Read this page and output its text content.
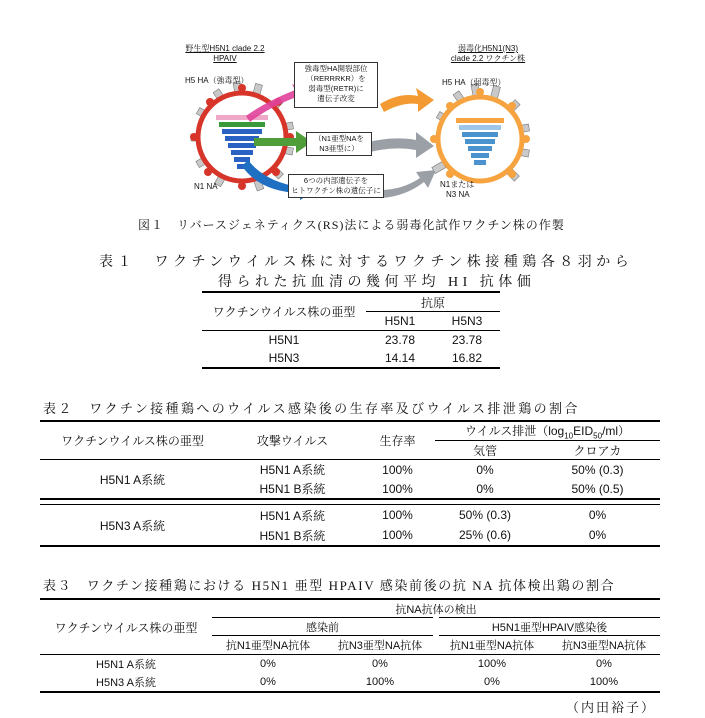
野生型H5N1 clade 2.2
HPAIV
H5 HA（強毒型）
N1 NA
弱毒化H5N1(N3)
clade 2.2 ワクチン株
H5 HA（弱毒型）
N1または
N3 NA
強毒型HA開裂部位
（RERRRKR）を
弱毒型(RETR)に
遺伝子改変
（N1亜型NAを
N3亜型に）
6つの内部遺伝子を
ヒトワクチン株の遺伝子に
図１　リバースジェネティクス(RS)法による弱毒化試作ワクチン株の作製
表１　ワクチンウイルス株に対するワクチン株接種鶏各８羽から
得られた抗血清の幾何平均 HI 抗体価
ワクチンウイルス株の亜型	抗原	
	H5N1	H5N3
H5N1	23.78	23.78
H5N3	14.14	16.82
表２　ワクチン接種鶏へのウイルス感染後の生存率及びウイルス排泄鶏の割合
ワクチンウイルス株の亜型	攻撃ウイルス	生存率	ウイルス排泄$(\log_{10}EID_{50}/ml)$	
			気管	クロアカ
H5N1 A系統	H5N1 A系統	100%	0%	50% (0.3)
	H5N1 B系統	100%	0%	50% (0.5)

H5N3 A系統	H5N1 A系統	100%	50% (0.3)	0%
	H5N1 B系統	100%	25% (0.6)	0%
表３　ワクチン接種鶏における H5N1 亜型 HPAIV 感染前後の抗 NA 抗体検出鶏の割合
ワクチンウイルス株の亜型	抗NA抗体の検出			
	感染前		H5N1亜型HPAIV感染後	
	抗N1亜型NA抗体	抗N3亜型NA抗体	抗N1亜型NA抗体	抗N3亜型NA抗体
H5N1 A系統	0%	0%	100%	0%
H5N3 A系統	0%	100%	0%	100%
（内田裕子）
